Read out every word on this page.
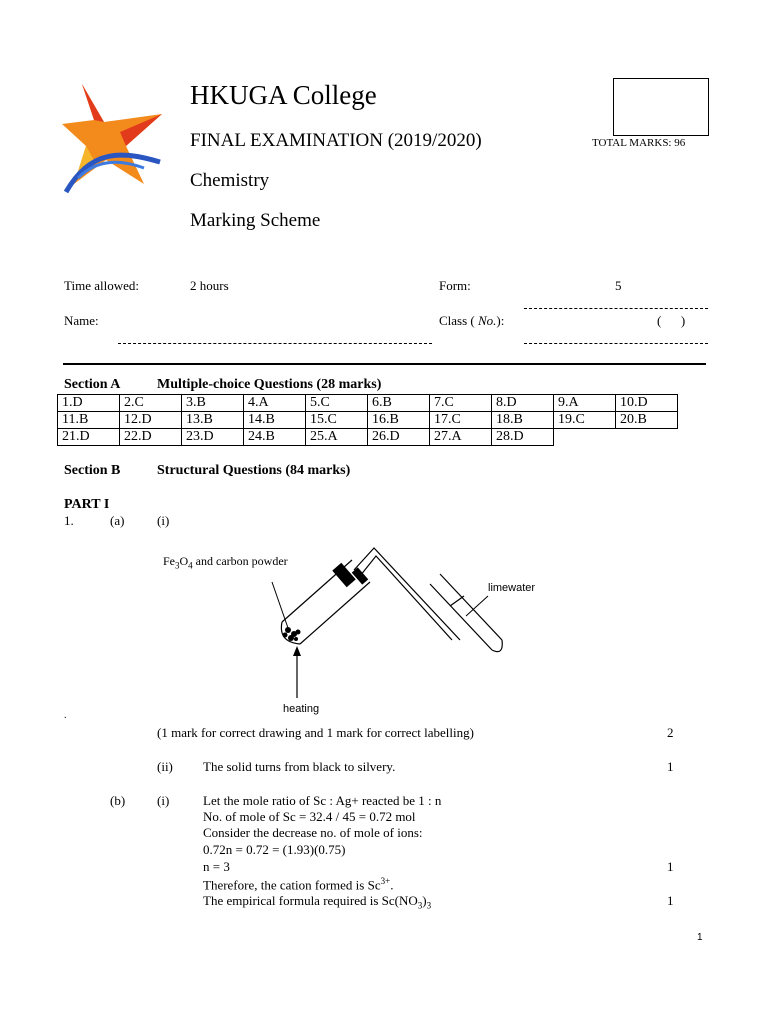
HKUGA College
FINAL EXAMINATION (2019/2020)
Chemistry
Marking Scheme
TOTAL MARKS: 96
Time allowed:	2 hours	Form:	5
Name:	Class ( No.):	(      )
Section A	Multiple-choice Questions (28 marks)
1.D	2.C	3.B	4.A	5.C	6.B	7.C	8.D	9.A	10.D
11.B	12.D	13.B	14.B	15.C	16.B	17.C	18.B	19.C	20.B
21.D	22.D	23.D	24.B	25.A	26.D	27.A	28.D		
Section B	Structural Questions (84 marks)
PART I
1.	(a)	(i)
$Fe_3O_4$ and carbon powder
limewater
heating
.
(1 mark for correct drawing and 1 mark for correct labelling)	2
(ii) The solid turns from black to silvery.	1
(b) (i)	Let the mole ratio of Sc : Ag+ reacted be 1 : n
No. of mole of Sc = 32.4 / 45 = 0.72 mol
Consider the decrease no. of mole of ions:
0.72n = 0.72 = (1.93)(0.75)
n = 3	1
Therefore, the cation formed is $Sc^{3+}$.
The empirical formula required is $Sc(NO_3)_3$	1
1
